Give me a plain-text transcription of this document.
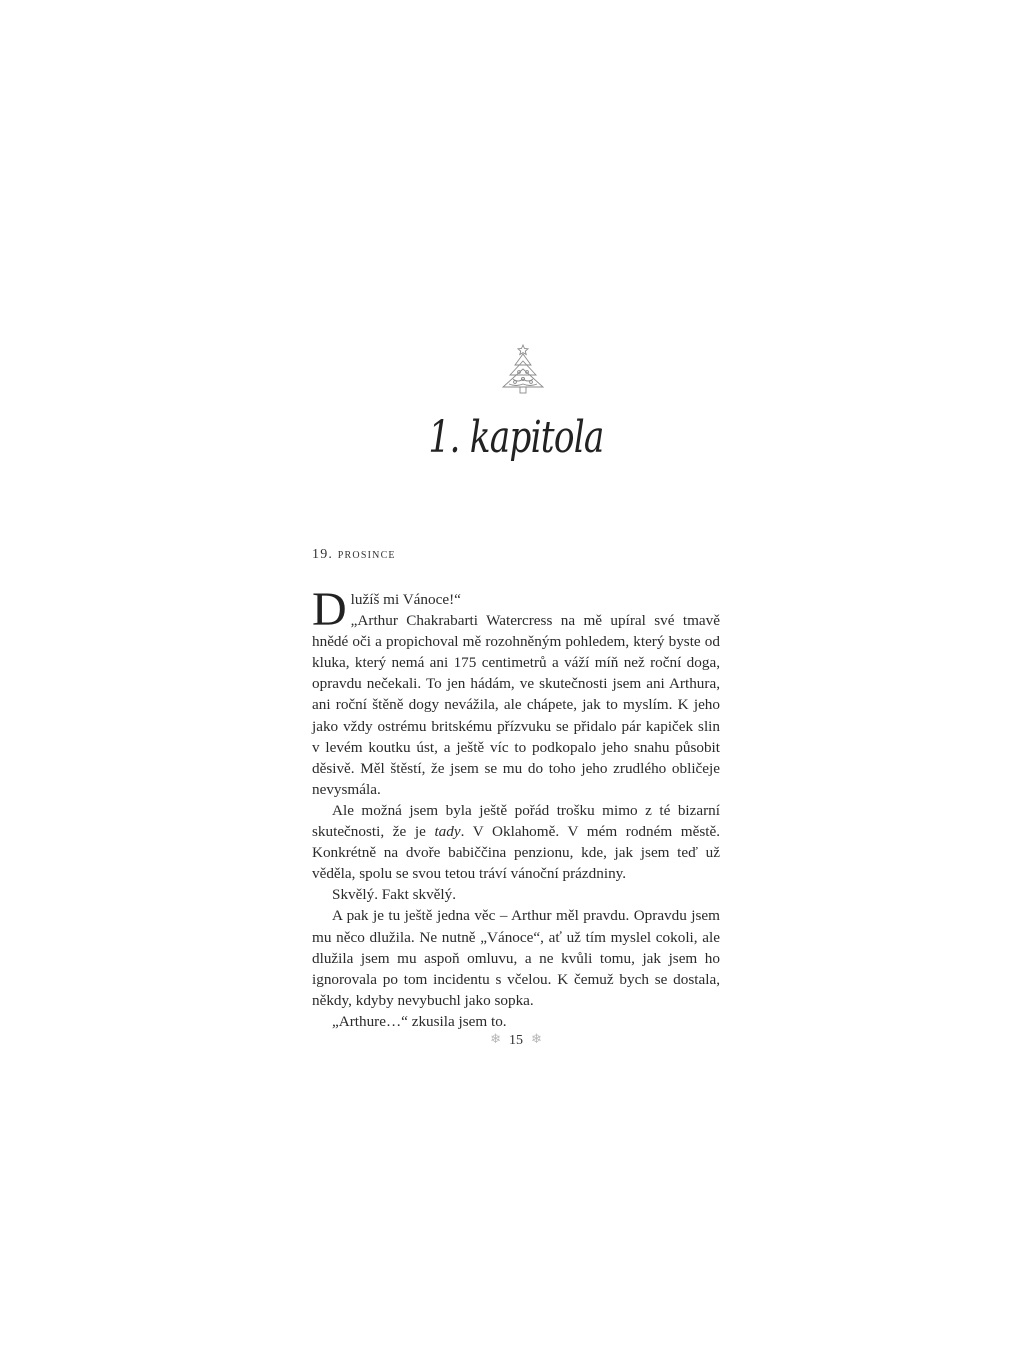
1. kapitola
19. prosince

Dlužíš mi Vánoce!“
„Arthur Chakrabarti Watercress na mě upíral své tmavě hnědé oči a propichoval mě rozohněným pohledem, který byste od kluka, který nemá ani 175 centimetrů a váží míň než roční doga, opravdu nečekali. To jen hádám, ve skutečnosti jsem ani Arthura, ani roční štěně dogy nevážila, ale chápete, jak to myslím. K jeho jako vždy ostrému britskému přízvuku se přidalo pár kapiček slin v levém koutku úst, a ještě víc to podkopalo jeho snahu působit děsivě. Měl štěstí, že jsem se mu do toho jeho zrudlého obličeje nevysmála.

Ale možná jsem byla ještě pořád trošku mimo z té bizarní skutečnosti, že je tady. V Oklahomě. V mém rodném městě. Konkrétně na dvoře babiččina penzionu, kde, jak jsem teď už věděla, spolu se svou tetou tráví vánoční prázdniny.

Skvělý. Fakt skvělý.

A pak je tu ještě jedna věc – Arthur měl pravdu. Opravdu jsem mu něco dlužila. Ne nutně „Vánoce“, ať už tím myslel cokoli, ale dlužila jsem mu aspoň omluvu, a ne kvůli tomu, jak jsem ho ignorovala po tom incidentu s včelou. K čemuž bych se dostala, někdy, kdyby nevybuchl jako sopka.

„Arthure…“ zkusila jsem to.

❄ 15 ❄
